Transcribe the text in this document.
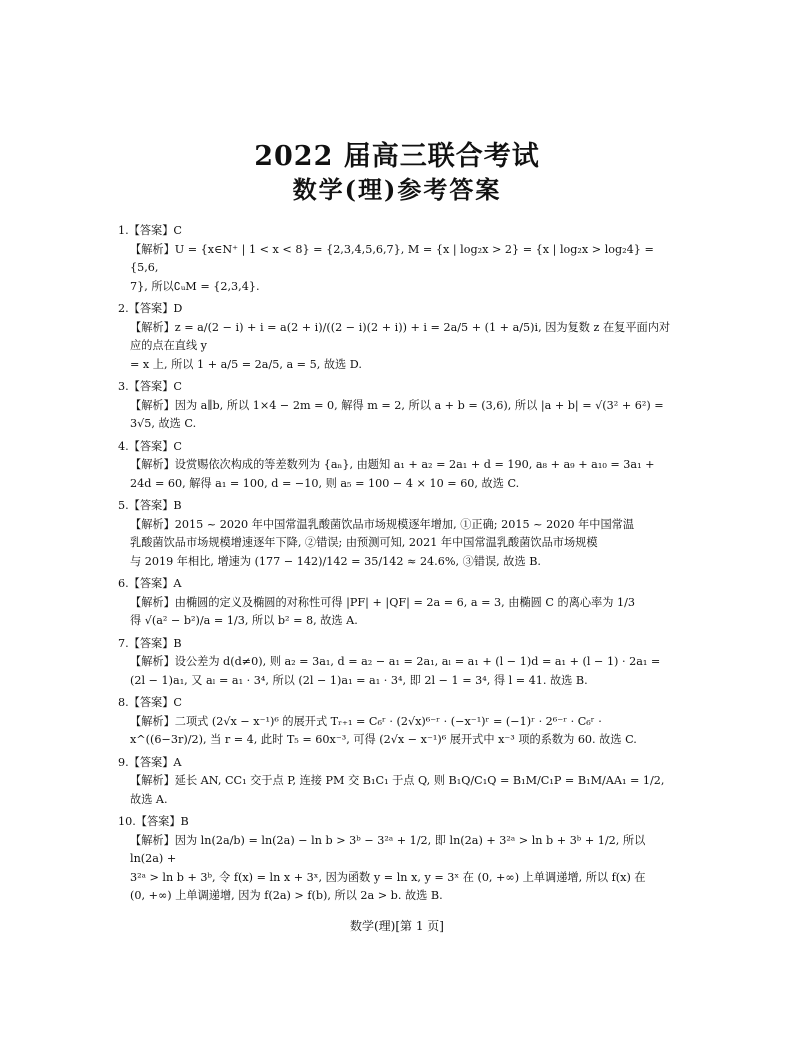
2022 届高三联合考试
数学(理)参考答案
1.【答案】C

【解析】U = {x∈N⁺ | 1 < x < 8} = {2,3,4,5,6,7}, M = {x | log₂x > 2} = {x | log₂x > log₂4} = {5,6,

7}, 所以∁ᵤM = {2,3,4}.

2.【答案】D

【解析】z = a/(2 − i) + i = a(2 + i)/((2 − i)(2 + i)) + i = 2a/5 + (1 + a/5)i, 因为复数 z 在复平面内对应的点在直线 y

= x 上, 所以 1 + a/5 = 2a/5, a = 5, 故选 D.

3.【答案】C

【解析】因为 a∥b, 所以 1×4 − 2m = 0, 解得 m = 2, 所以 a + b = (3,6), 所以 |a + b| = √(3² + 6²) =

3√5, 故选 C.

4.【答案】C

【解析】设赏赐依次构成的等差数列为 {aₙ}, 由题知 a₁ + a₂ = 2a₁ + d = 190, a₈ + a₉ + a₁₀ = 3a₁ +

24d = 60, 解得 a₁ = 100, d = −10, 则 a₅ = 100 − 4 × 10 = 60, 故选 C.

5.【答案】B

【解析】2015 ~ 2020 年中国常温乳酸菌饮品市场规模逐年增加, ①正确; 2015 ~ 2020 年中国常温

乳酸菌饮品市场规模增速逐年下降, ②错误; 由预测可知, 2021 年中国常温乳酸菌饮品市场规模

与 2019 年相比, 增速为 (177 − 142)/142 = 35/142 ≈ 24.6%, ③错误, 故选 B.

6.【答案】A

【解析】由椭圆的定义及椭圆的对称性可得 |PF| + |QF| = 2a = 6, a = 3, 由椭圆 C 的离心率为 1/3

得 √(a² − b²)/a = 1/3, 所以 b² = 8, 故选 A.

7.【答案】B

【解析】设公差为 d(d≠0), 则 a₂ = 3a₁, d = a₂ − a₁ = 2a₁, aₗ = a₁ + (l − 1)d = a₁ + (l − 1) · 2a₁ =

(2l − 1)a₁, 又 aₗ = a₁ · 3⁴, 所以 (2l − 1)a₁ = a₁ · 3⁴, 即 2l − 1 = 3⁴, 得 l = 41. 故选 B.

8.【答案】C

【解析】二项式 (2√x − x⁻¹)⁶ 的展开式 Tᵣ₊₁ = C₆ʳ · (2√x)⁶⁻ʳ · (−x⁻¹)ʳ = (−1)ʳ · 2⁶⁻ʳ · C₆ʳ ·

x^((6−3r)/2), 当 r = 4, 此时 T₅ = 60x⁻³, 可得 (2√x − x⁻¹)⁶ 展开式中 x⁻³ 项的系数为 60. 故选 C.

9.【答案】A

【解析】延长 AN, CC₁ 交于点 P, 连接 PM 交 B₁C₁ 于点 Q, 则 B₁Q/C₁Q = B₁M/C₁P = B₁M/AA₁ = 1/2, 故选 A.

10.【答案】B

【解析】因为 ln(2a/b) = ln(2a) − ln b > 3ᵇ − 3²ᵃ + 1/2, 即 ln(2a) + 3²ᵃ > ln b + 3ᵇ + 1/2, 所以 ln(2a) +

3²ᵃ > ln b + 3ᵇ, 令 f(x) = ln x + 3ˣ, 因为函数 y = ln x, y = 3ˣ 在 (0, +∞) 上单调递增, 所以 f(x) 在

(0, +∞) 上单调递增, 因为 f(2a) > f(b), 所以 2a > b. 故选 B.

数学(理)[第 1 页]
